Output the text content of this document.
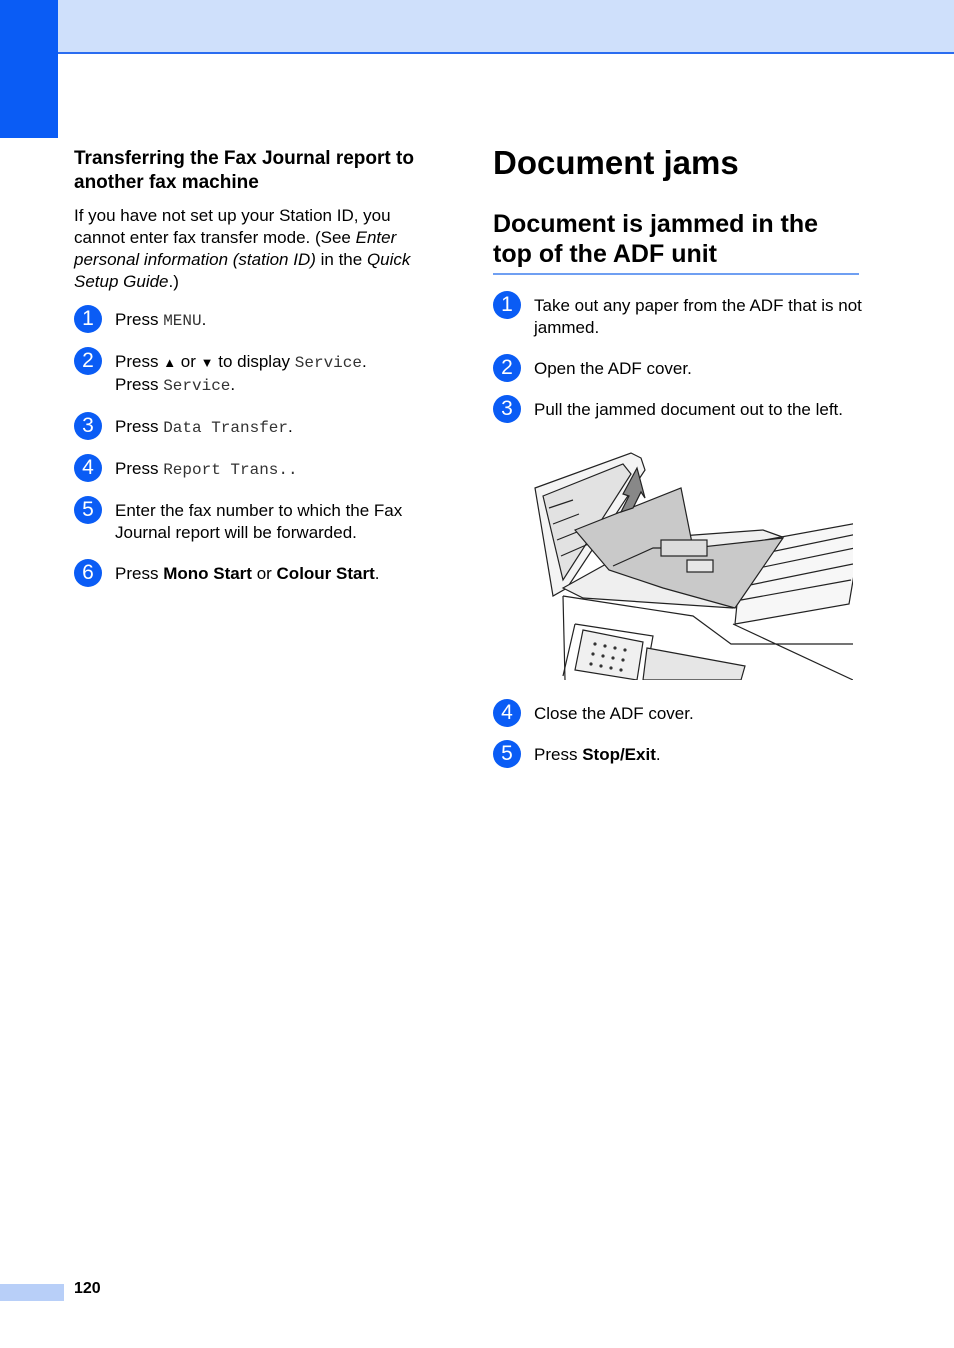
Transferring the Fax Journal report to another fax machine

If you have not set up your Station ID, you cannot enter fax transfer mode. (See Enter personal information (station ID) in the Quick Setup Guide.)

1	Press MENU.
2	Press ▲ or ▼ to display Service.
Press Service.
3	Press Data Transfer.
4	Press Report Trans..
5	Enter the fax number to which the Fax Journal report will be forwarded.
6	Press Mono Start or Colour Start.
Document jams
Document is jammed in the top of the ADF unit
1	Take out any paper from the ADF that is not jammed.
2	Open the ADF cover.
3	Pull the jammed document out to the left.
4	Close the ADF cover.
5	Press Stop/Exit.
120
